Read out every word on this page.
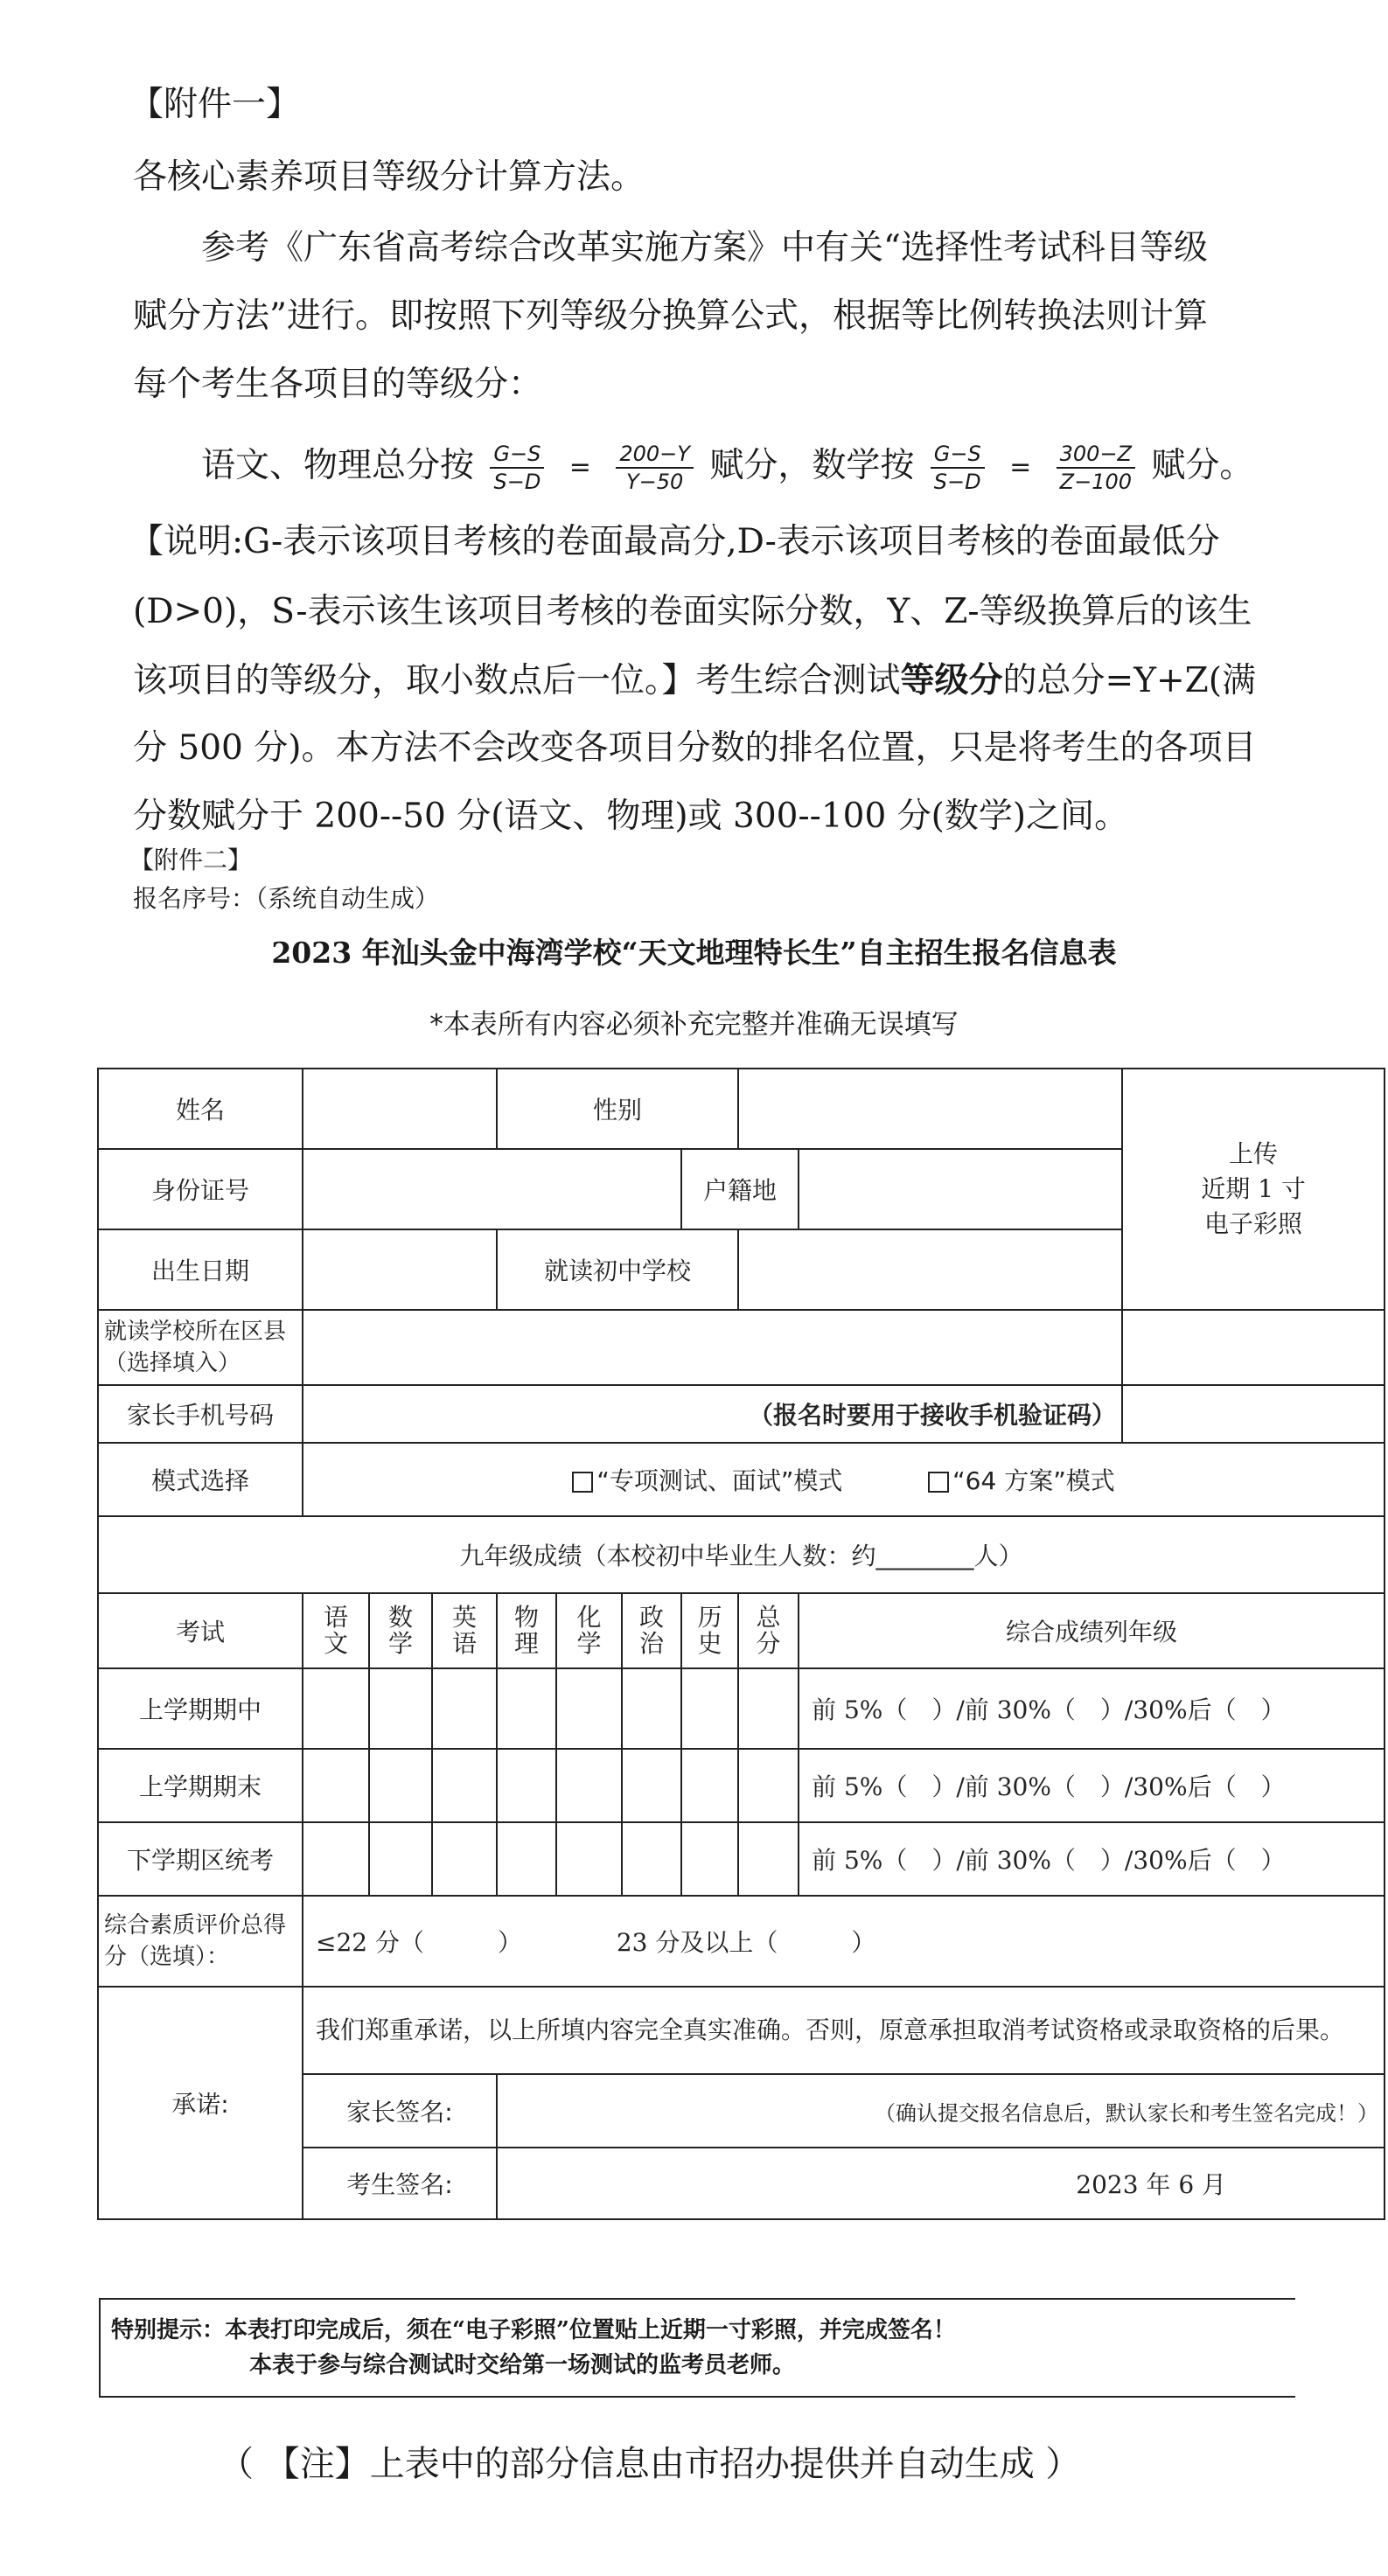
【附件一】
各核心素养项目等级分计算方法。
参考《广东省高考综合改革实施方案》中有关“选择性考试科目等级
赋分方法”进行。即按照下列等级分换算公式，根据等比例转换法则计算
每个考生各项目的等级分：
语文、物理总分按 $\frac{G-S}{S-D} = \frac{200-Y}{Y-50}$ 赋分，数学按 $\frac{G-S}{S-D} = \frac{300-Z}{Z-100}$ 赋分。
【说明:G-表示该项目考核的卷面最高分,D-表示该项目考核的卷面最低分
(D>0)，S-表示该生该项目考核的卷面实际分数，Y、Z-等级换算后的该生
该项目的等级分，取小数点后一位。】考生综合测试等级分的总分=Y+Z(满
分 500 分)。本方法不会改变各项目分数的排名位置，只是将考生的各项目
分数赋分于 200--50 分(语文、物理)或 300--100 分(数学)之间。
【附件二】
报名序号：（系统自动生成）
2023 年汕头金中海湾学校“天文地理特长生”自主招生报名信息表
*本表所有内容必须补充完整并准确无误填写
姓名				性别						上传
近期 1 寸
电子彩照

身份证号							户籍地			
出生日期				就读初中学校						
就读学校所在区县（选择填入）										
家长手机号码	（报名时要用于接收手机验证码）									
模式选择	“专项测试、面试”模式 “64 方案”模式									
九年级成绩（本校初中毕业生人数：约________人）										
考试	语文	数学	英语	物理	化学	政治	历史	总分	综合成绩列年级	
上学期期中									前 5%（　）/前 30%（　）/30%后（　）	
上学期期末									前 5%（　）/前 30%（　）/30%后（　）	
下学期区统考									前 5%（　）/前 30%（　）/30%后（　）	
综合素质评价总得分（选填）：	≤22 分（　　　） 23 分及以上（　　　）									
承诺:	我们郑重承诺，以上所填内容完全真实准确。否则，原意承担取消考试资格或录取资格的后果。									
	家长签名:			（确认提交报名信息后，默认家长和考生签名完成！）						
	考生签名:			2023 年 6 月						
特别提示：本表打印完成后，须在“电子彩照”位置贴上近期一寸彩照，并完成签名！
本表于参与综合测试时交给第一场测试的监考员老师。
（ 【注】上表中的部分信息由市招办提供并自动生成 ）
